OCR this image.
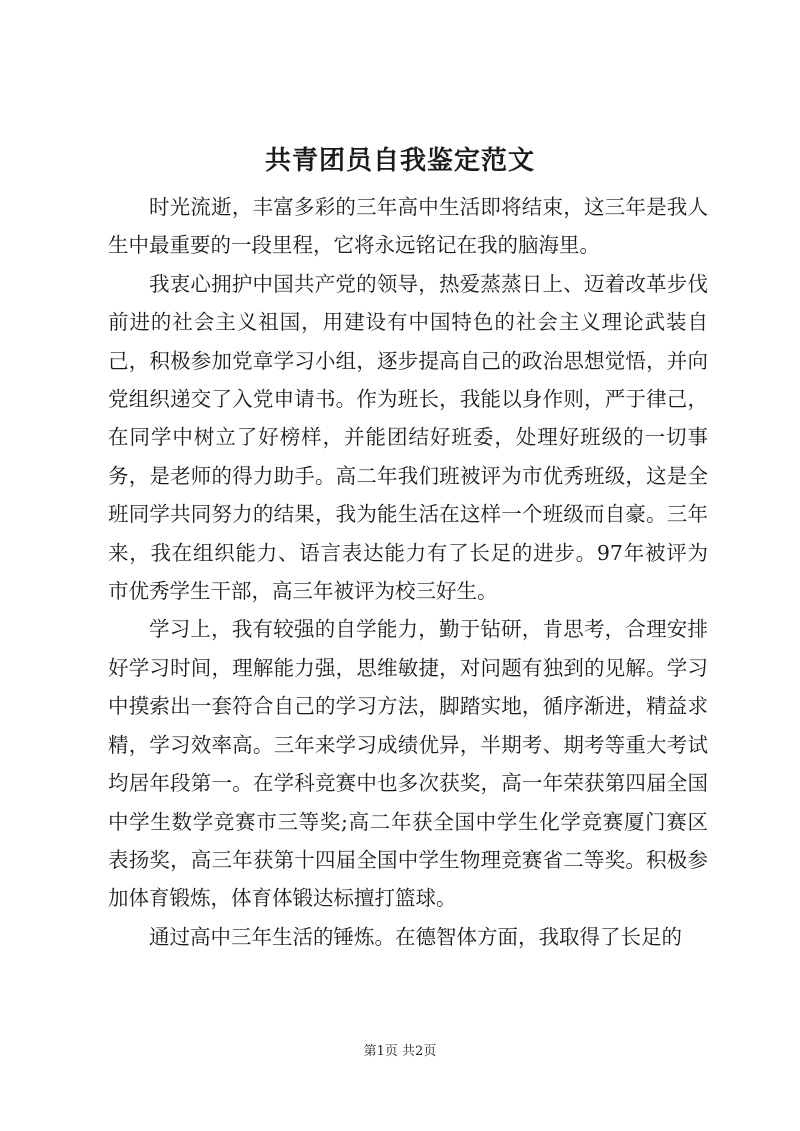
共青团员自我鉴定范文

时光流逝，丰富多彩的三年高中生活即将结束，这三年是我人生中最重要的一段里程，它将永远铭记在我的脑海里。

我衷心拥护中国共产党的领导，热爱蒸蒸日上、迈着改革步伐前进的社会主义祖国，用建设有中国特色的社会主义理论武装自己，积极参加党章学习小组，逐步提高自己的政治思想觉悟，并向党组织递交了入党申请书。作为班长，我能以身作则，严于律己，在同学中树立了好榜样，并能团结好班委，处理好班级的一切事务，是老师的得力助手。高二年我们班被评为市优秀班级，这是全班同学共同努力的结果，我为能生活在这样一个班级而自豪。三年来，我在组织能力、语言表达能力有了长足的进步。97年被评为市优秀学生干部，高三年被评为校三好生。

学习上，我有较强的自学能力，勤于钻研，肯思考，合理安排好学习时间，理解能力强，思维敏捷，对问题有独到的见解。学习中摸索出一套符合自己的学习方法，脚踏实地，循序渐进，精益求精，学习效率高。三年来学习成绩优异，半期考、期考等重大考试均居年段第一。在学科竞赛中也多次获奖，高一年荣获第四届全国中学生数学竞赛市三等奖;高二年获全国中学生化学竞赛厦门赛区表扬奖，高三年获第十四届全国中学生物理竞赛省二等奖。积极参加体育锻炼，体育体锻达标擅打篮球。

通过高中三年生活的锤炼。在德智体方面，我取得了长足的

第1页 共2页
